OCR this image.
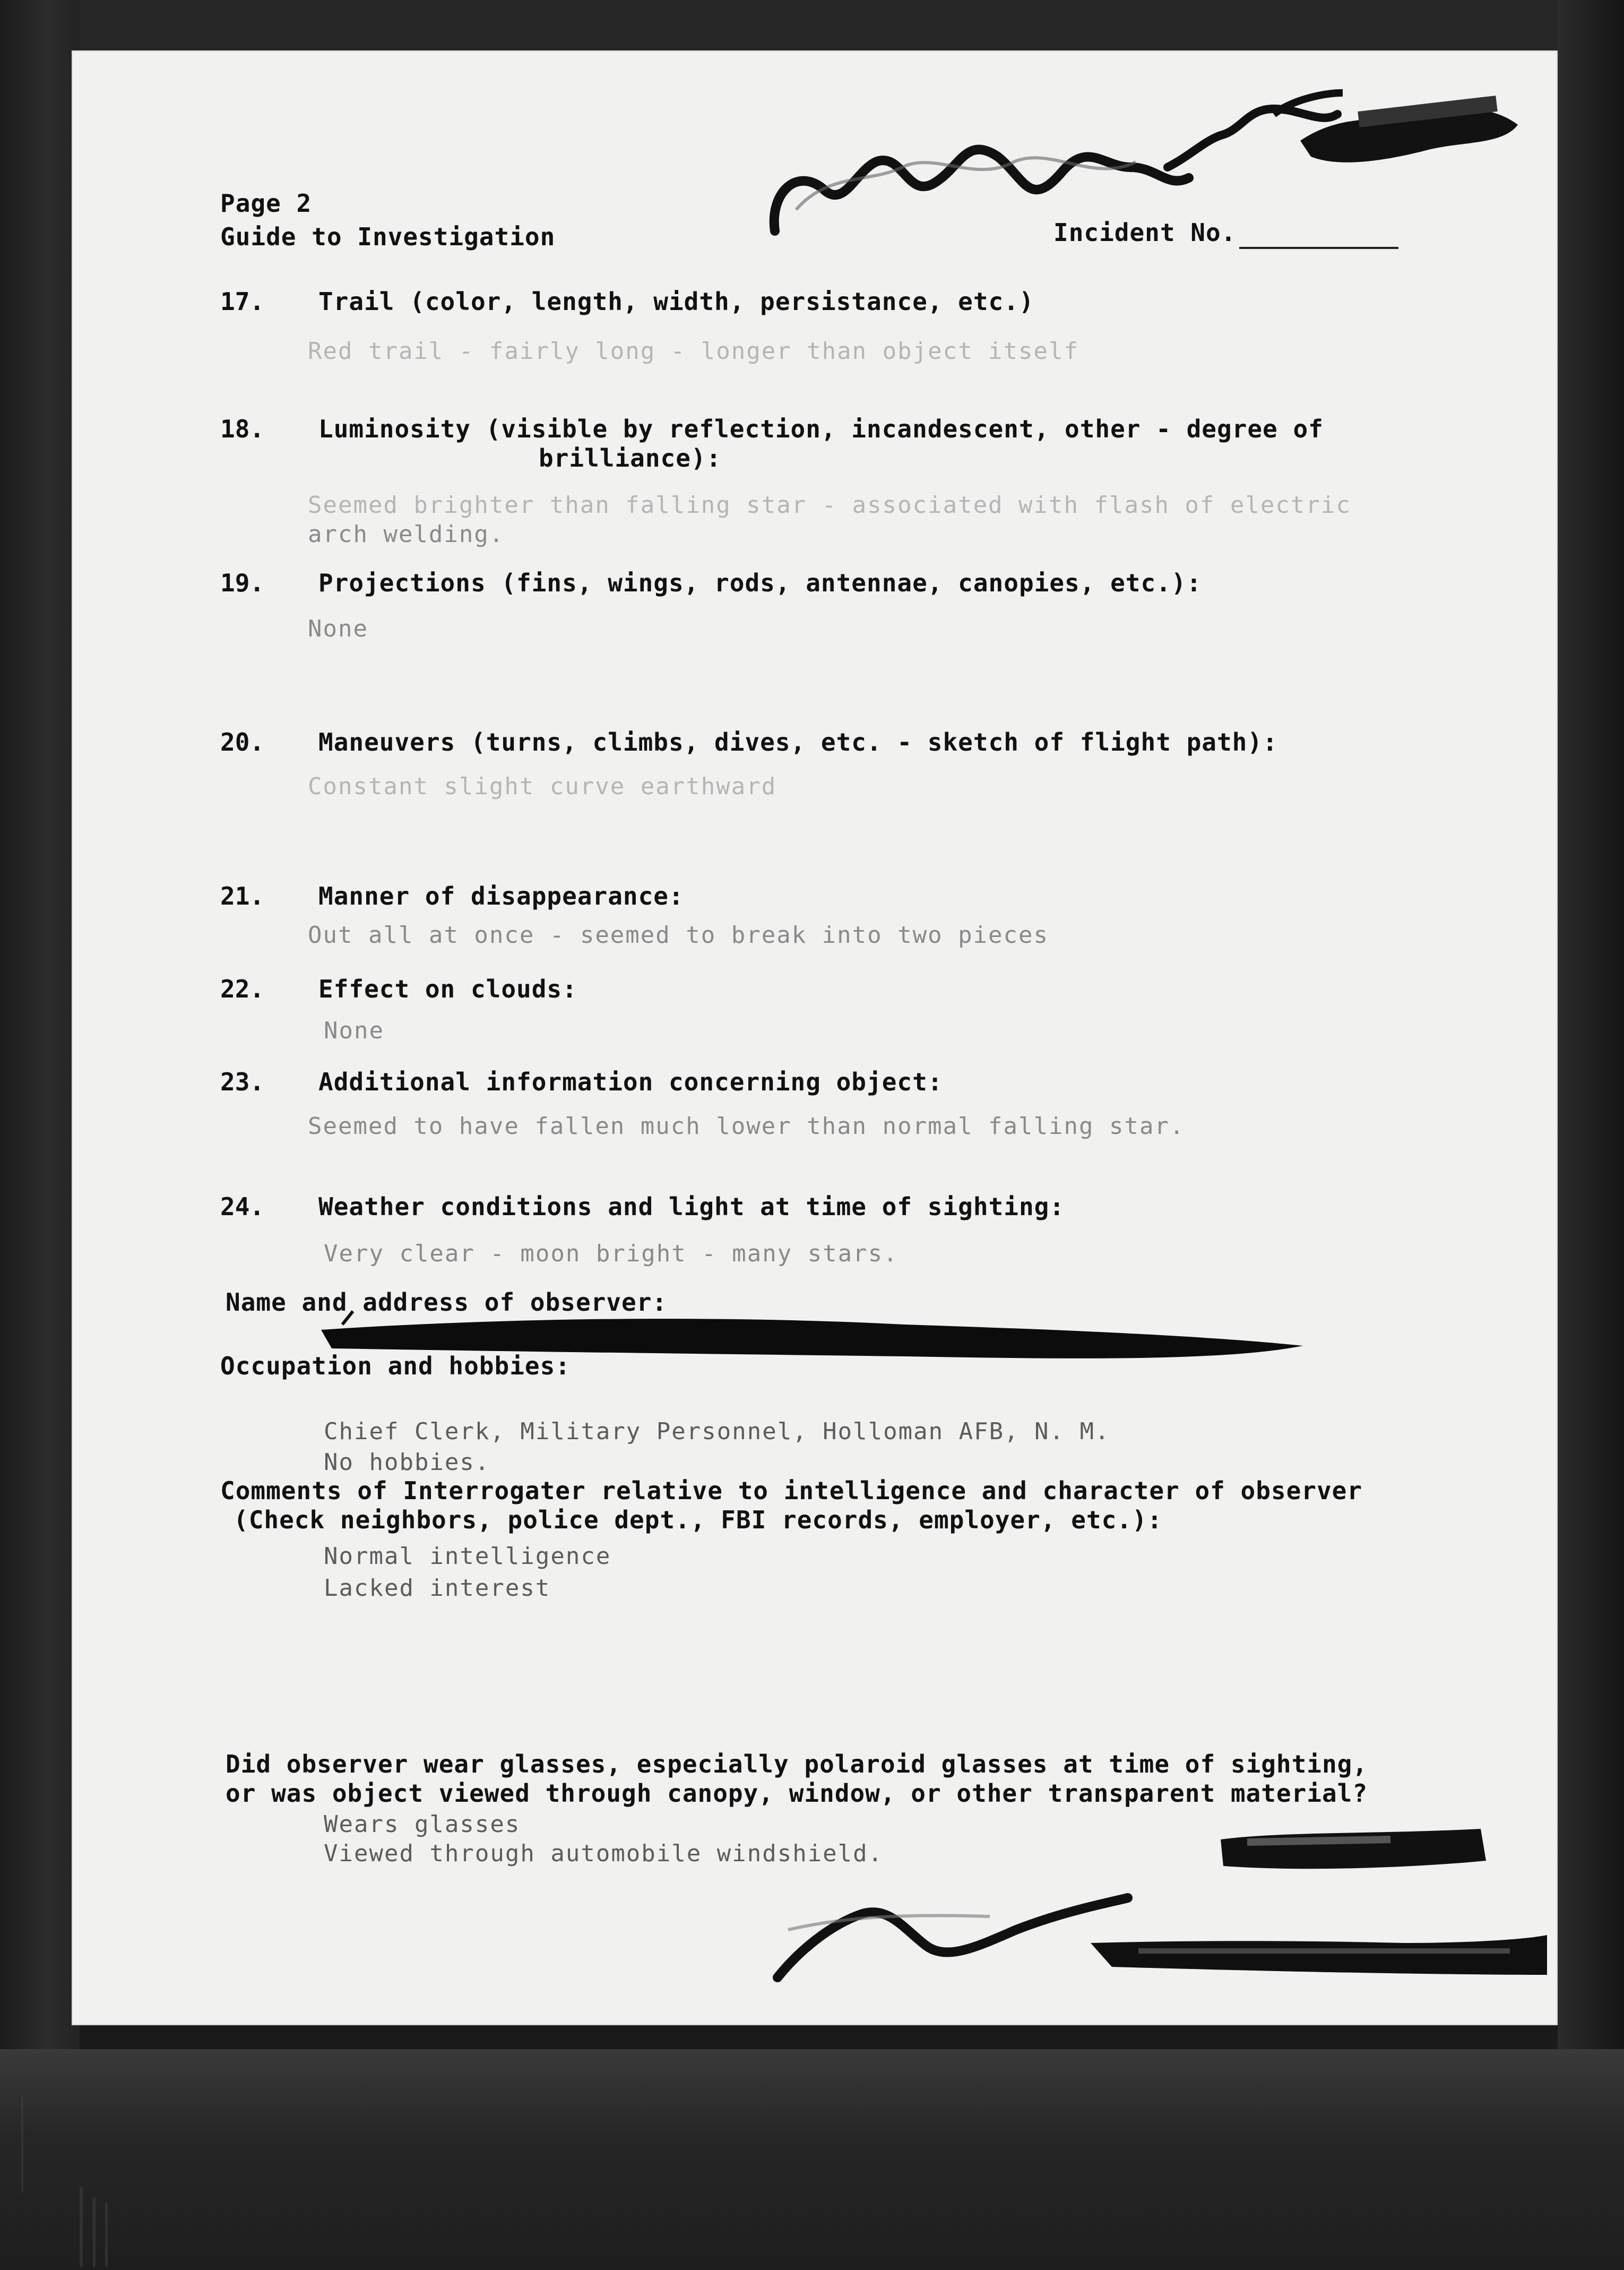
Page 2
Guide to Investigation	Incident No.
17. Trail (color, length, width, persistance, etc.)
Red trail - fairly long - longer than object itself
18. Luminosity (visible by reflection, incandescent, other - degree of
brilliance):
Seemed brighter than falling star - associated with flash of electric
arch welding.
19. Projections (fins, wings, rods, antennae, canopies, etc.):
None
20. Maneuvers (turns, climbs, dives, etc. - sketch of flight path):
Constant slight curve earthward
21. Manner of disappearance:
Out all at once - seemed to break into two pieces
22. Effect on clouds:
None
23. Additional information concerning object:
Seemed to have fallen much lower than normal falling star.
24. Weather conditions and light at time of sighting:
Very clear - moon bright - many stars.
Name and address of observer:
Occupation and hobbies:
Chief Clerk, Military Personnel, Holloman AFB, N. M.
No hobbies.
Comments of Interrogater relative to intelligence and character of observer
(Check neighbors, police dept., FBI records, employer, etc.):
Normal intelligence
Lacked interest
Did observer wear glasses, especially polaroid glasses at time of sighting,
or was object viewed through canopy, window, or other transparent material?
Wears glasses
Viewed through automobile windshield.
